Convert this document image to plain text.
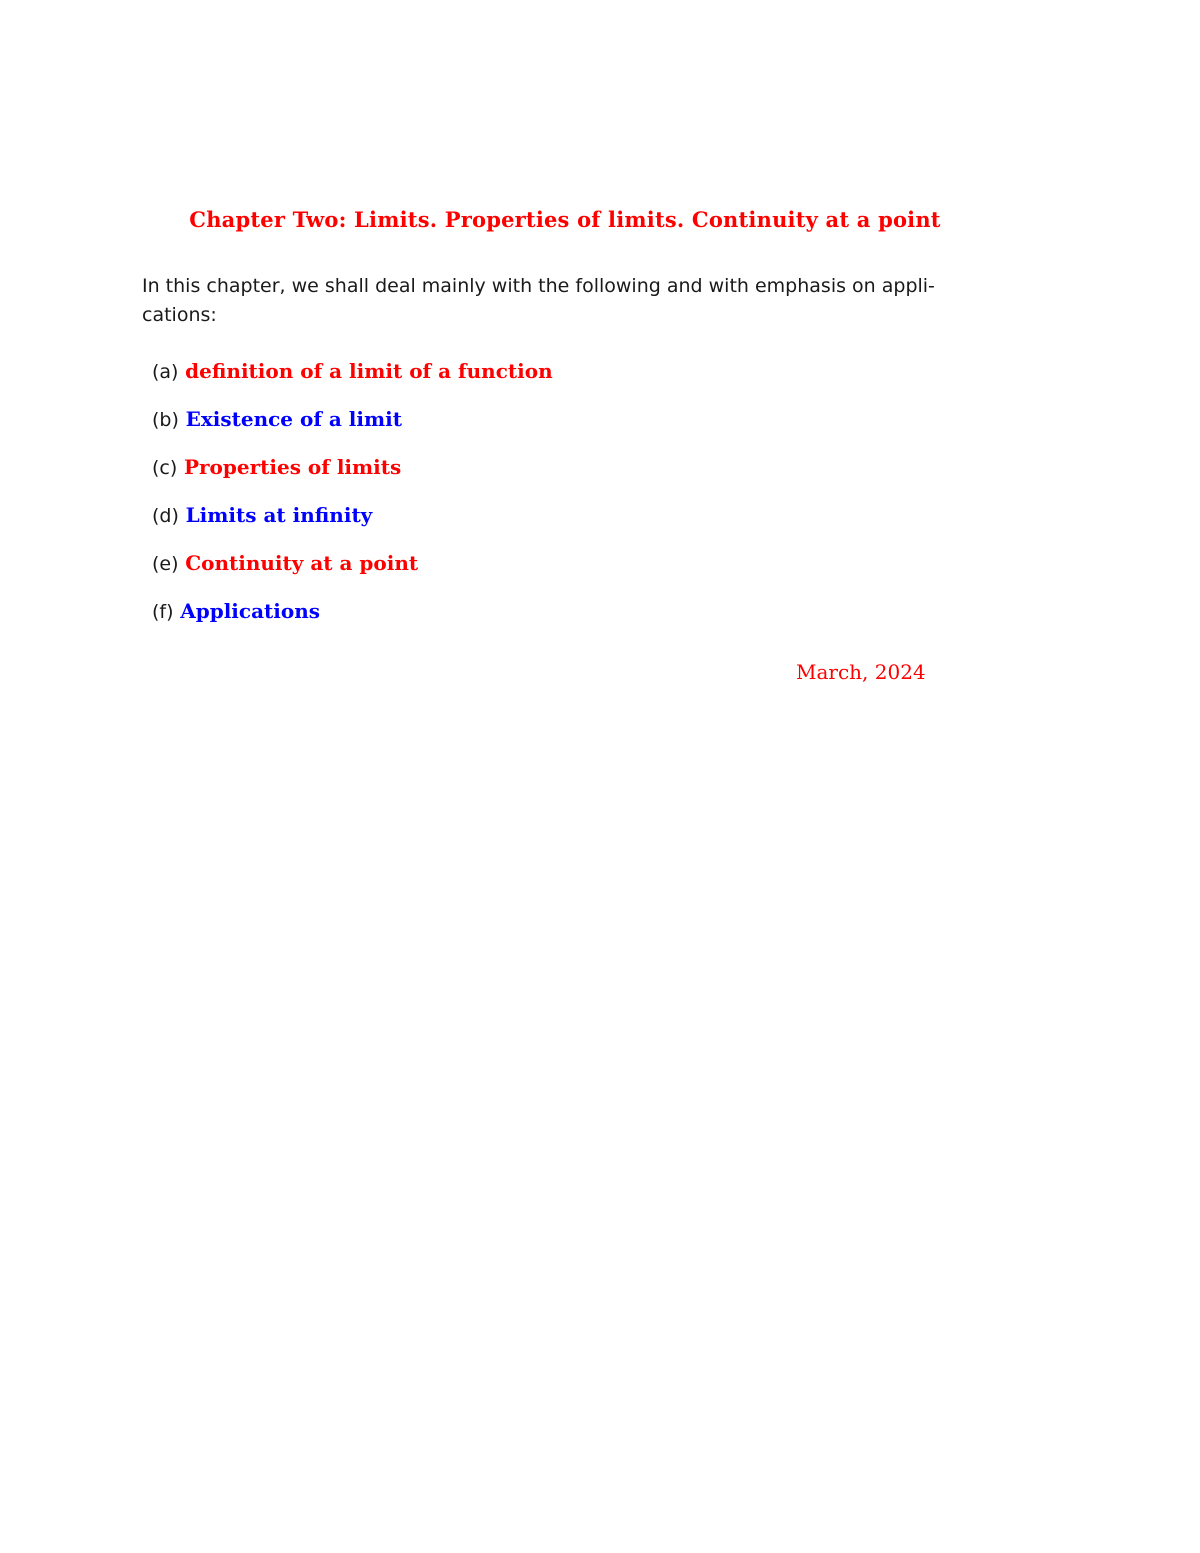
Chapter Two: Limits. Properties of limits. Continuity at a point
In this chapter, we shall deal mainly with the following and with emphasis on appli-
cations:
(a) definition of a limit of a function
(b) Existence of a limit
(c) Properties of limits
(d) Limits at infinity
(e) Continuity at a point
(f) Applications
March, 2024
